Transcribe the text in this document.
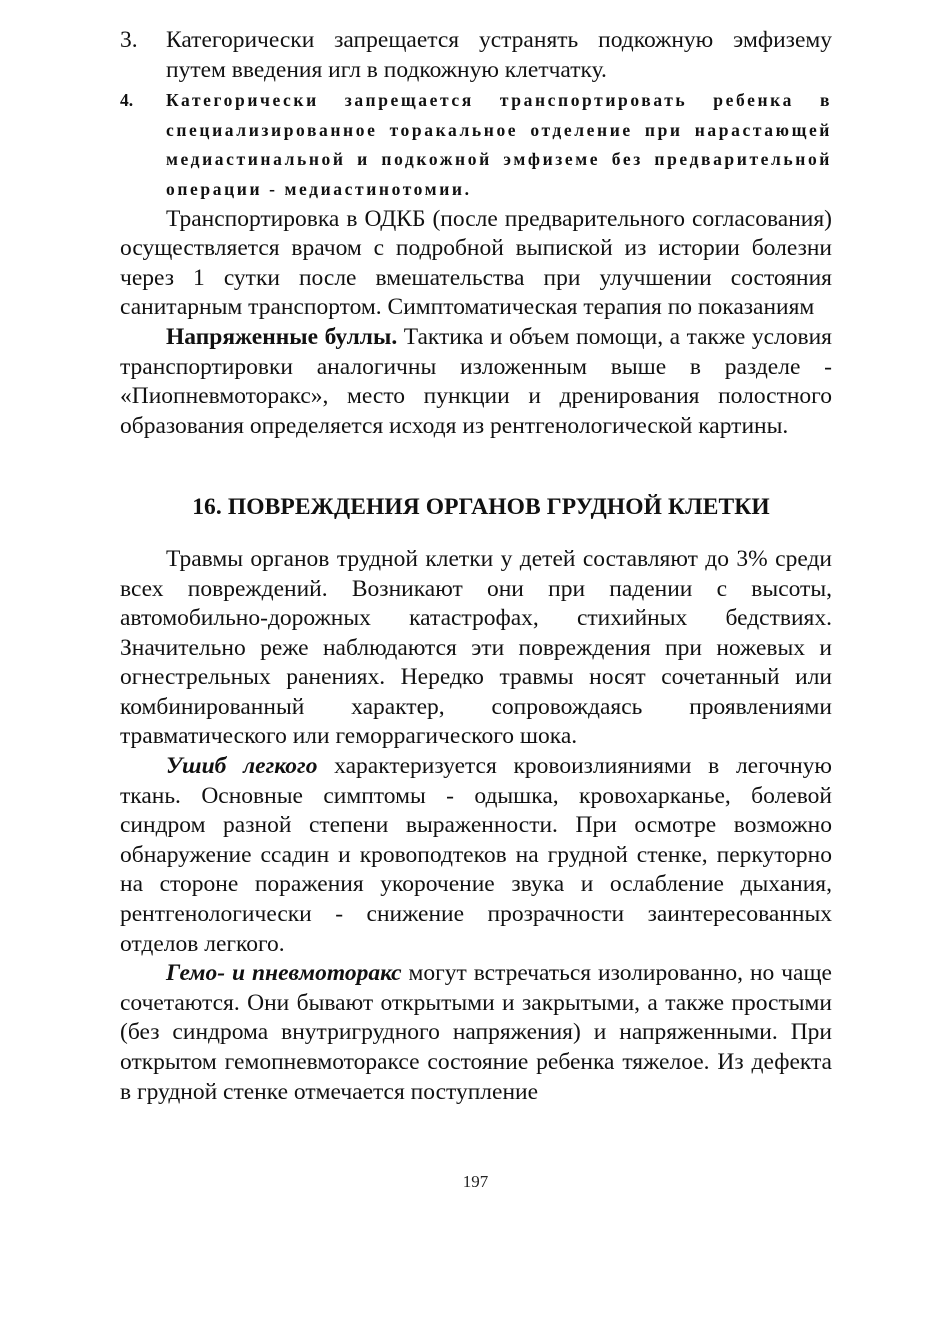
3. Категорически запрещается устранять подкожную эмфизему путем введения игл в подкожную клетчатку.
4. Категорически запрещается транспортировать ребенка в специализированное торакальное отделение при нарастающей медиастинальной и подкожной эмфиземе без предварительной операции - медиастинотомии.

Транспортировка в ОДКБ (после предварительного согласования) осуществляется врачом с подробной выпиской из истории болезни через 1 сутки после вмешательства при улучшении состояния санитарным транспортом. Симптоматическая терапия по показаниям

Напряженные буллы. Тактика и объем помощи, а также условия транспортировки аналогичны изложенным выше в разделе - «Пиопневмоторакс», место пункции и дренирования полостного образования определяется исходя из рентгенологической картины.

16. ПОВРЕЖДЕНИЯ ОРГАНОВ ГРУДНОЙ КЛЕТКИ

Травмы органов трудной клетки у детей составляют до 3% среди всех повреждений. Возникают они при падении с высоты, автомобильно-дорожных катастрофах, стихийных бедствиях. Значительно реже наблюдаются эти повреждения при ножевых и огнестрельных ранениях. Нередко травмы носят сочетанный или комбинированный характер, сопровождаясь проявлениями травматического или геморрагического шока.

Ушиб легкого характеризуется кровоизлияниями в легочную ткань. Основные симптомы - одышка, кровохарканье, болевой синдром разной степени выраженности. При осмотре возможно обнаружение ссадин и кровоподтеков на грудной стенке, перкуторно на стороне поражения укорочение звука и ослабление дыхания, рентгенологически - снижение прозрачности заинтересованных отделов легкого.

Гемо- и пневмоторакс могут встречаться изолированно, но чаще сочетаются. Они бывают открытыми и закрытыми, а также простыми (без синдрома внутригрудного напряжения) и напряженными. При открытом гемопневмотораксе состояние ребенка тяжелое. Из дефекта в грудной стенке отмечается поступление

197
